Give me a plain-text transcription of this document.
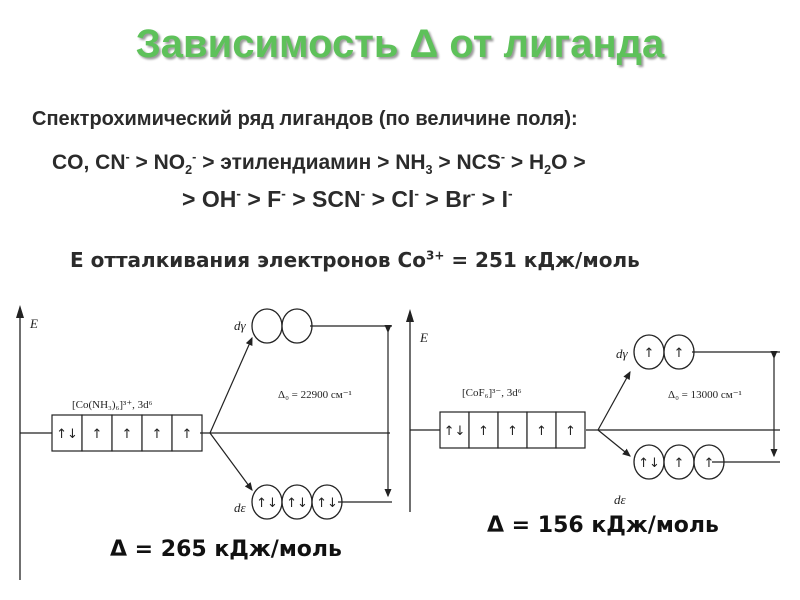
Зависимость Δ от лиганда
Спектрохимический ряд лигандов (по величине поля):
CO, $CN^- > NO_2^-$ > этилендиамин > $NH_3 > NCS^- > H_2O$ >
> OH- > F- > SCN- > Cl- > Br- > I-
E отталкивания электронов $Co^{3+} = 251$ кДж/моль
E
[Co(NH₃)₆]³⁺, 3d⁶
↑↓ ↑ ↑ ↑ ↑
dγ
dε ↑↓ ↑↓ ↑↓
Δ₀ = 22900 см⁻¹
E
[CoF₆]³⁻, 3d⁶
↑↓ ↑ ↑ ↑ ↑
dγ
dε
↑ ↑
↑↓ ↑ ↑
Δ₀ = 13000 см⁻¹
Δ = 265 кДж/моль
Δ = 156 кДж/моль
